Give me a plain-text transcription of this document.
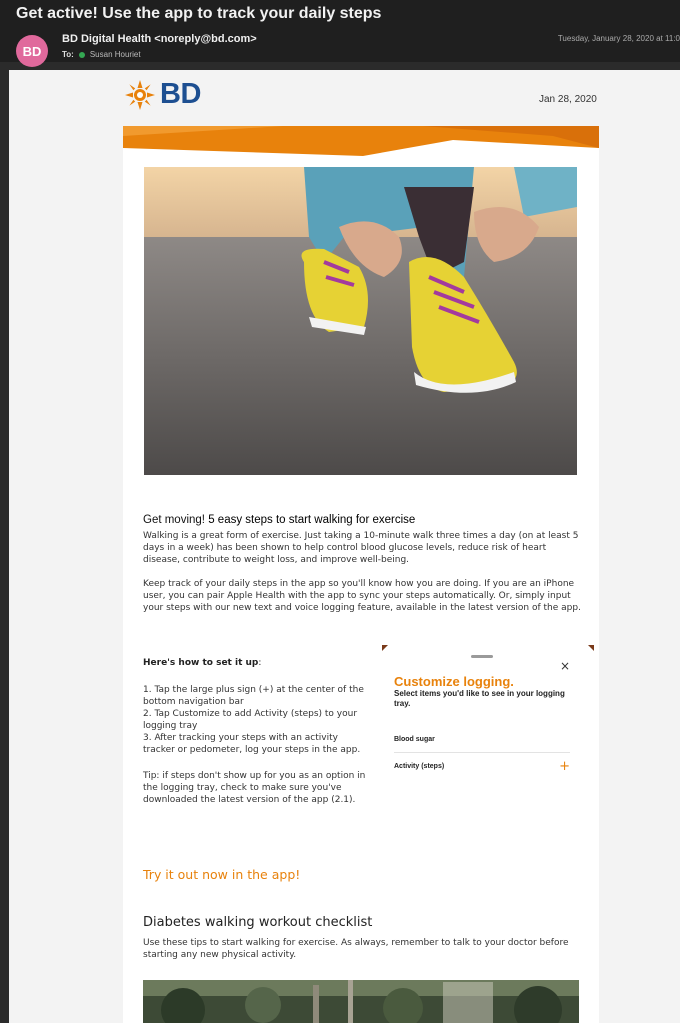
Get active! Use the app to track your daily steps
BD
BD Digital Health <noreply@bd.com>
To: Susan Houriet
Tuesday, January 28, 2020 at 11:0
BD	Jan 28, 2020
Get moving! 5 easy steps to start walking for exercise

Walking is a great form of exercise. Just taking a 10-minute walk three times a day (on at least 5 days in a week) has been shown to help control blood glucose levels, reduce risk of heart disease, contribute to weight loss, and improve well-being.

Keep track of your daily steps in the app so you'll know how you are doing. If you are an iPhone user, you can pair Apple Health with the app to sync your steps automatically. Or, simply input your steps with our new text and voice logging feature, available in the latest version of the app.

Here's how to set it up:
1. Tap the large plus sign (+) at the center of the bottom navigation bar
2. Tap Customize to add Activity (steps) to your logging tray
3. After tracking your steps with an activity tracker or pedometer, log your steps in the app.
Tip: if steps don't show up for you as an option in the logging tray, check to make sure you've downloaded the latest version of the app (2.1).
×
Customize logging.
Select items you'd like to see in your logging tray.
Blood sugar
Activity (steps)	+
Try it out now in the app!
Diabetes walking workout checklist
Use these tips to start walking for exercise. As always, remember to talk to your doctor before starting any new physical activity.
